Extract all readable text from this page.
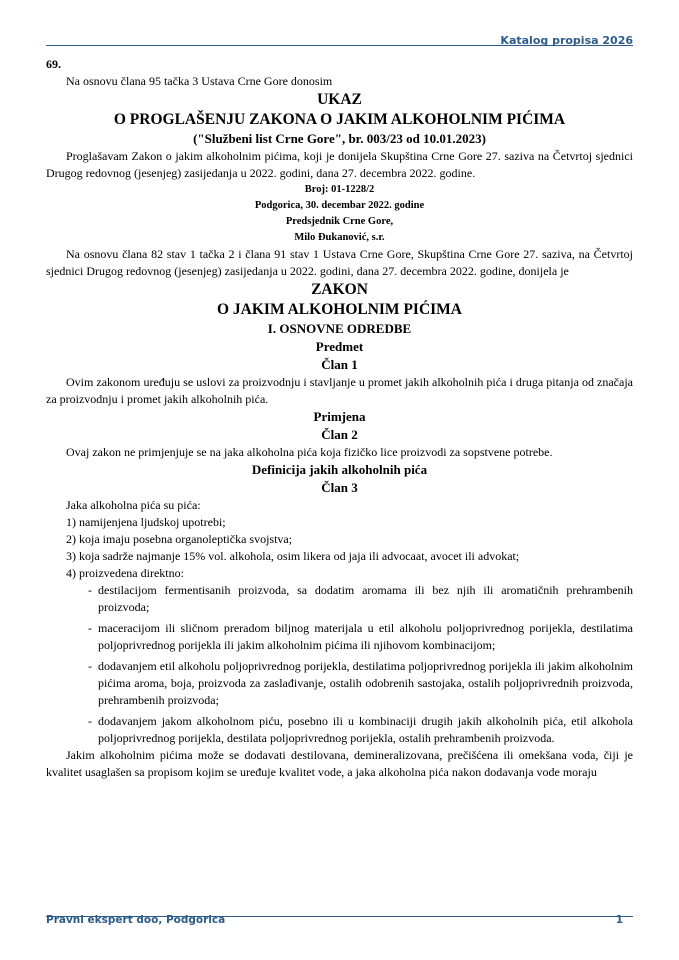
Katalog propisa 2026

69.

Na osnovu člana 95 tačka 3 Ustava Crne Gore donosim

UKAZ

O PROGLAŠENJU ZAKONA O JAKIM ALKOHOLNIM PIĆIMA

("Službeni list Crne Gore", br. 003/23 od 10.01.2023)

Proglašavam Zakon o jakim alkoholnim pićima, koji je donijela Skupština Crne Gore 27. saziva na Četvrtoj sjednici Drugog redovnog (jesenjeg) zasijedanja u 2022. godini, dana 27. decembra 2022. godine.

Broj: 01-1228/2

Podgorica, 30. decembar 2022. godine

Predsjednik Crne Gore,

Milo Đukanović, s.r.

Na osnovu člana 82 stav 1 tačka 2 i člana 91 stav 1 Ustava Crne Gore, Skupština Crne Gore 27. saziva, na Četvrtoj sjednici Drugog redovnog (jesenjeg) zasijedanja u 2022. godini, dana 27. decembra 2022. godine, donijela je

ZAKON

O JAKIM ALKOHOLNIM PIĆIMA

I. OSNOVNE ODREDBE

Predmet

Član 1

Ovim zakonom uređuju se uslovi za proizvodnju i stavljanje u promet jakih alkoholnih pića i druga pitanja od značaja za proizvodnju i promet jakih alkoholnih pića.

Primjena

Član 2

Ovaj zakon ne primjenjuje se na jaka alkoholna pića koja fizičko lice proizvodi za sopstvene potrebe.

Definicija jakih alkoholnih pića

Član 3

Jaka alkoholna pića su pića:

1) namijenjena ljudskoj upotrebi;

2) koja imaju posebna organoleptička svojstva;

3) koja sadrže najmanje 15% vol. alkohola, osim likera od jaja ili advocaat, avocet ili advokat;

4) proizvedena direktno:

- destilacijom fermentisanih proizvoda, sa dodatim aromama ili bez njih ili aromatičnih prehrambenih proizvoda;
- maceracijom ili sličnom preradom biljnog materijala u etil alkoholu poljoprivrednog porijekla, destilatima poljoprivrednog porijekla ili jakim alkoholnim pićima ili njihovom kombinacijom;
- dodavanjem etil alkoholu poljoprivrednog porijekla, destilatima poljoprivrednog porijekla ili jakim alkoholnim pićima aroma, boja, proizvoda za zaslađivanje, ostalih odobrenih sastojaka, ostalih poljoprivrednih proizvoda, prehrambenih proizvoda;
- dodavanjem jakom alkoholnom piću, posebno ili u kombinaciji drugih jakih alkoholnih pića, etil alkohola poljoprivrednog porijekla, destilata poljoprivrednog porijekla, ostalih prehrambenih proizvoda.

Jakim alkoholnim pićima može se dodavati destilovana, demineralizovana, prečišćena ili omekšana voda, čiji je kvalitet usaglašen sa propisom kojim se uređuje kvalitet vode, a jaka alkoholna pića nakon dodavanja vode moraju

Pravni ekspert doo, Podgorica	1
